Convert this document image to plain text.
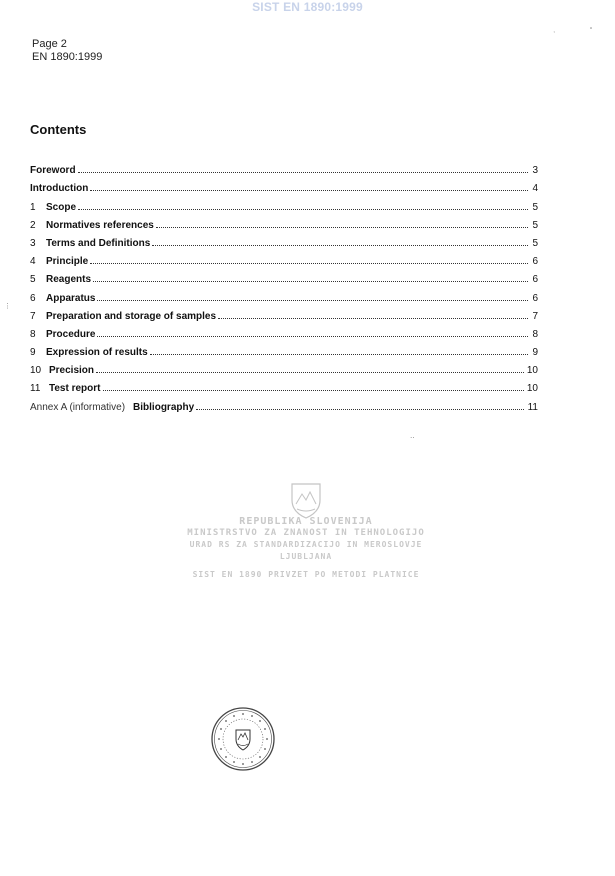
SIST EN 1890:1999
Page 2
EN 1890:1999
Contents
Foreword	3
Introduction	4
1	Scope	5
2	Normatives references	5
3	Terms and Definitions	5
4	Principle	6
5	Reagents	6
6	Apparatus	6
7	Preparation and storage of samples	7
8	Procedure	8
9	Expression of results	9
10 Precision	10
11 Test report	10
Annex A (informative) Bibliography	11
᾽
˚
⋮
‥
REPUBLIKA SLOVENIJA
MINISTRSTVO ZA ZNANOST IN TEHNOLOGIJO
URAD RS ZA STANDARDIZACIJO IN MEROSLOVJE
LJUBLJANA
SIST EN 1890 PRIVZET PO METODI PLATNICE
